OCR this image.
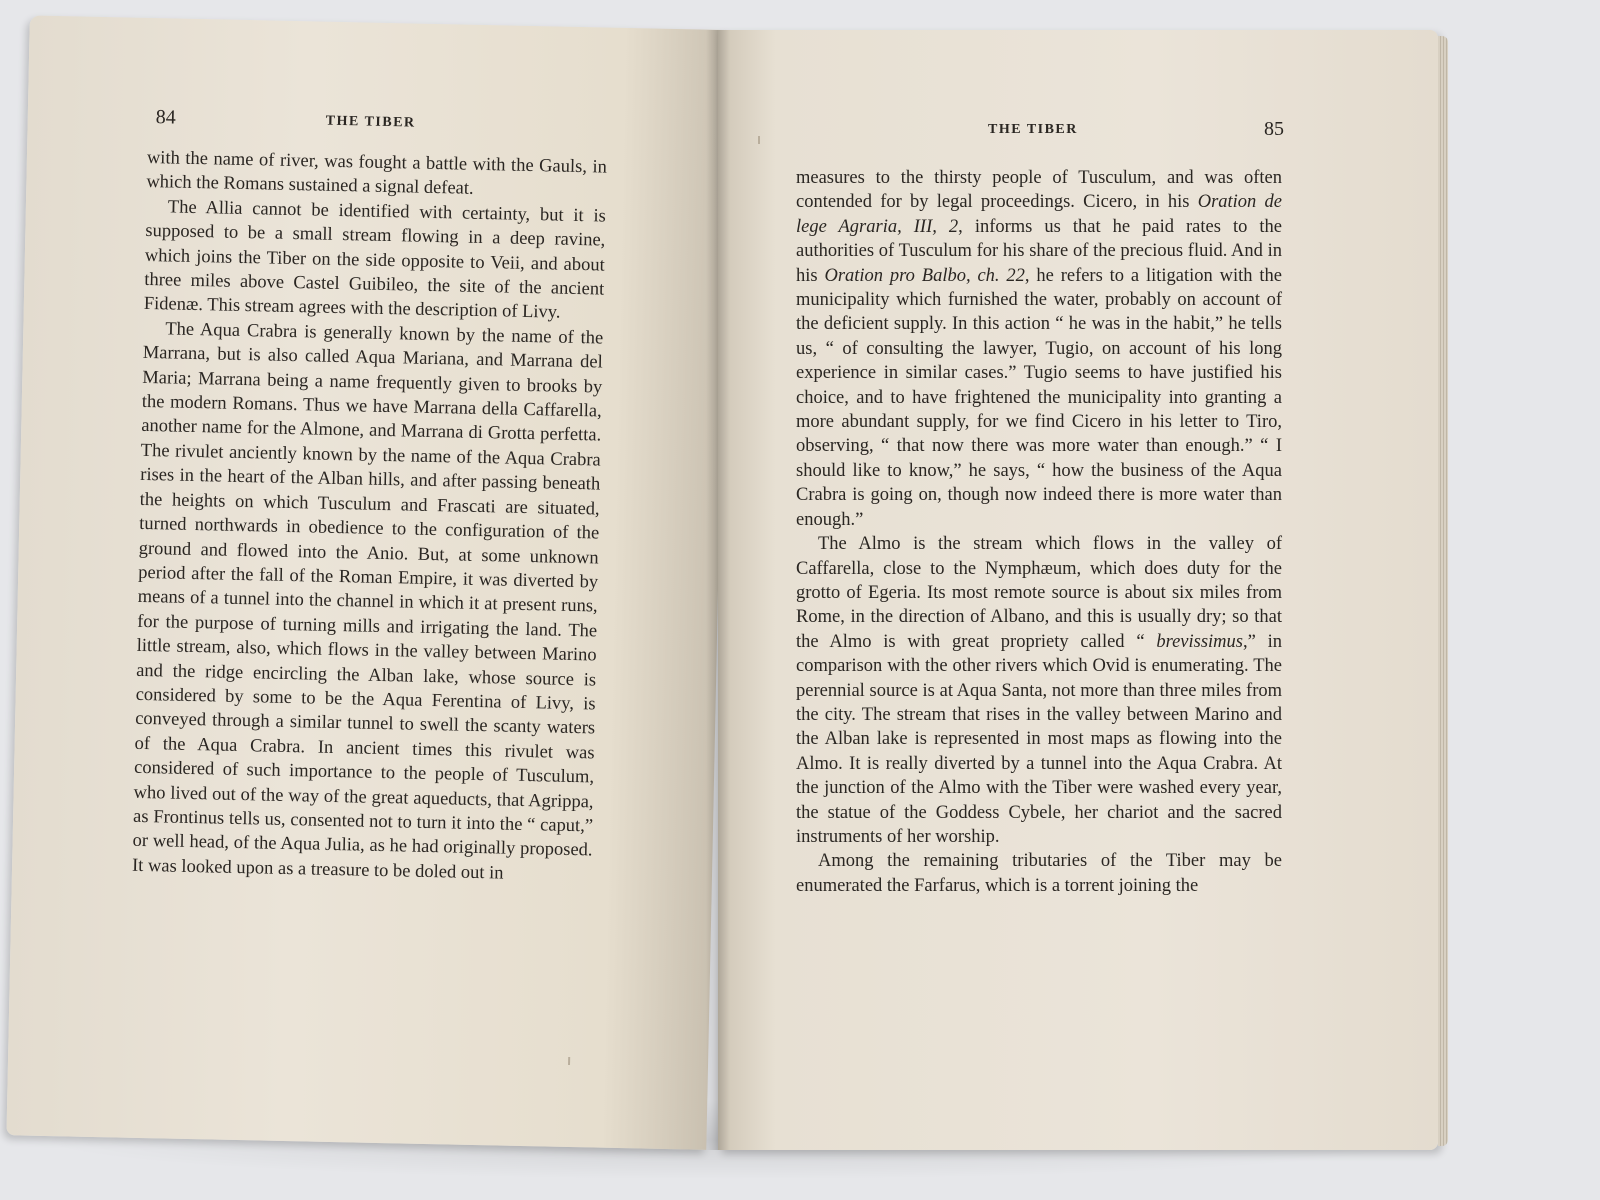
84	THE TIBER

with the name of river, was fought a battle with the Gauls, in which the Romans sustained a signal defeat.

The Allia cannot be identified with certainty, but it is supposed to be a small stream flowing in a deep ravine, which joins the Tiber on the side opposite to Veii, and about three miles above Castel Guibileo, the site of the ancient Fidenæ. This stream agrees with the description of Livy.

The Aqua Crabra is generally known by the name of the Marrana, but is also called Aqua Mariana, and Marrana del Maria; Marrana being a name frequently given to brooks by the modern Romans. Thus we have Marrana della Caffarella, another name for the Almone, and Marrana di Grotta perfetta. The rivulet anciently known by the name of the Aqua Crabra rises in the heart of the Alban hills, and after passing beneath the heights on which Tusculum and Frascati are situated, turned northwards in obedience to the configuration of the ground and flowed into the Anio. But, at some unknown period after the fall of the Roman Empire, it was diverted by means of a tunnel into the channel in which it at present runs, for the purpose of turning mills and irrigating the land. The little stream, also, which flows in the valley between Marino and the ridge encircling the Alban lake, whose source is considered by some to be the Aqua Ferentina of Livy, is conveyed through a similar tunnel to swell the scanty waters of the Aqua Crabra. In ancient times this rivulet was considered of such importance to the people of Tusculum, who lived out of the way of the great aqueducts, that Agrippa, as Frontinus tells us, consented not to turn it into the “ caput,” or well head, of the Aqua Julia, as he had originally proposed. It was looked upon as a treasure to be doled out in

85
THE TIBER

measures to the thirsty people of Tusculum, and was often contended for by legal proceedings. Cicero, in his Oration de lege Agraria, III, 2, informs us that he paid rates to the authorities of Tusculum for his share of the precious fluid. And in his Oration pro Balbo, ch. 22, he refers to a litigation with the municipality which furnished the water, probably on account of the deficient supply. In this action “ he was in the habit,” he tells us, “ of consulting the lawyer, Tugio, on account of his long experience in similar cases.” Tugio seems to have justified his choice, and to have frightened the municipality into granting a more abundant supply, for we find Cicero in his letter to Tiro, observing, “ that now there was more water than enough.” “ I should like to know,” he says, “ how the business of the Aqua Crabra is going on, though now indeed there is more water than enough.”

The Almo is the stream which flows in the valley of Caffarella, close to the Nymphæum, which does duty for the grotto of Egeria. Its most remote source is about six miles from Rome, in the direction of Albano, and this is usually dry; so that the Almo is with great propriety called “ brevissimus,” in comparison with the other rivers which Ovid is enumerating. The perennial source is at Aqua Santa, not more than three miles from the city. The stream that rises in the valley between Marino and the Alban lake is represented in most maps as flowing into the Almo. It is really diverted by a tunnel into the Aqua Crabra. At the junction of the Almo with the Tiber were washed every year, the statue of the Goddess Cybele, her chariot and the sacred instruments of her worship.

Among the remaining tributaries of the Tiber may be enumerated the Farfarus, which is a torrent joining the
